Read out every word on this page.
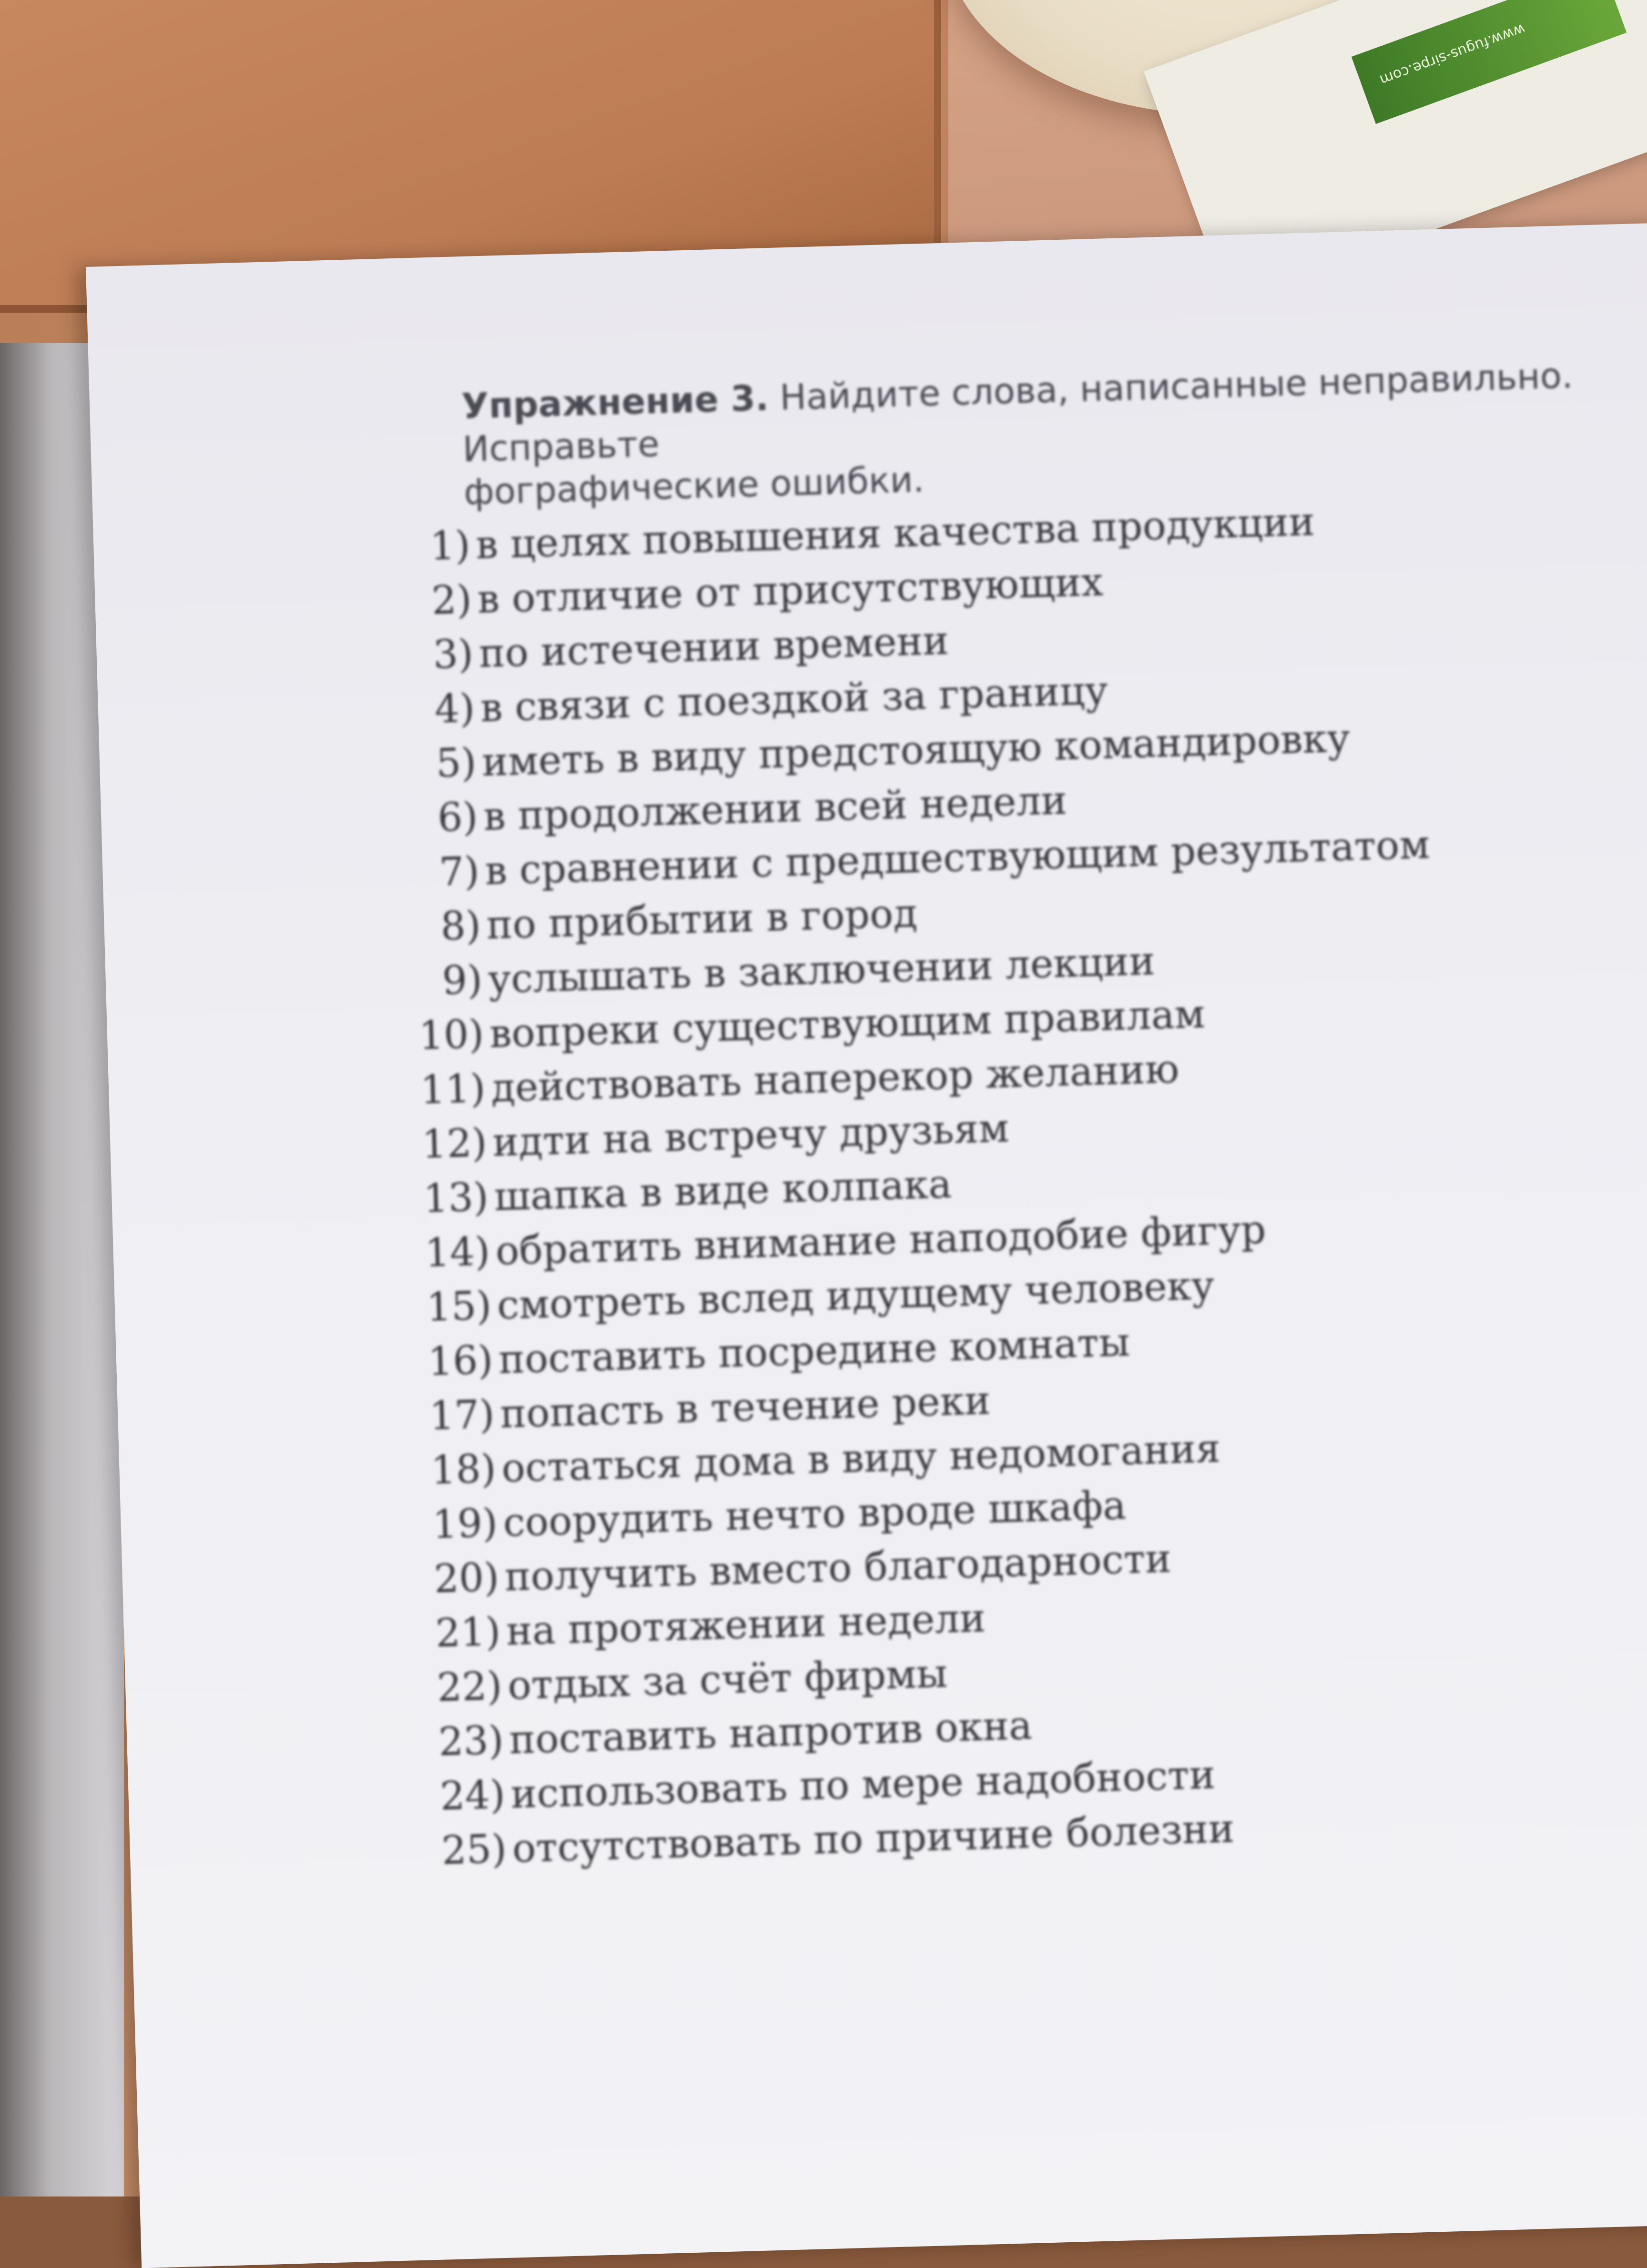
www.fugus-sirpe.com
Упражнение 3. Найдите слова, написанные неправильно. Исправьте
фографические ошибки.
1) в целях повышения качества продукции
2) в отличие от присутствующих
3) по истечении времени
4) в связи с поездкой за границу
5) иметь в виду предстоящую командировку
6) в продолжении всей недели
7) в сравнении с предшествующим результатом
8) по прибытии в город
9) услышать в заключении лекции
10) вопреки существующим правилам
11) действовать наперекор желанию
12) идти на встречу друзьям
13) шапка в виде колпака
14) обратить внимание наподобие фигур
15) смотреть вслед идущему человеку
16) поставить посредине комнаты
17) попасть в течение реки
18) остаться дома в виду недомогания
19) соорудить нечто вроде шкафа
20) получить вместо благодарности
21) на протяжении недели
22) отдых за счёт фирмы
23) поставить напротив окна
24) использовать по мере надобности
25) отсутствовать по причине болезни
